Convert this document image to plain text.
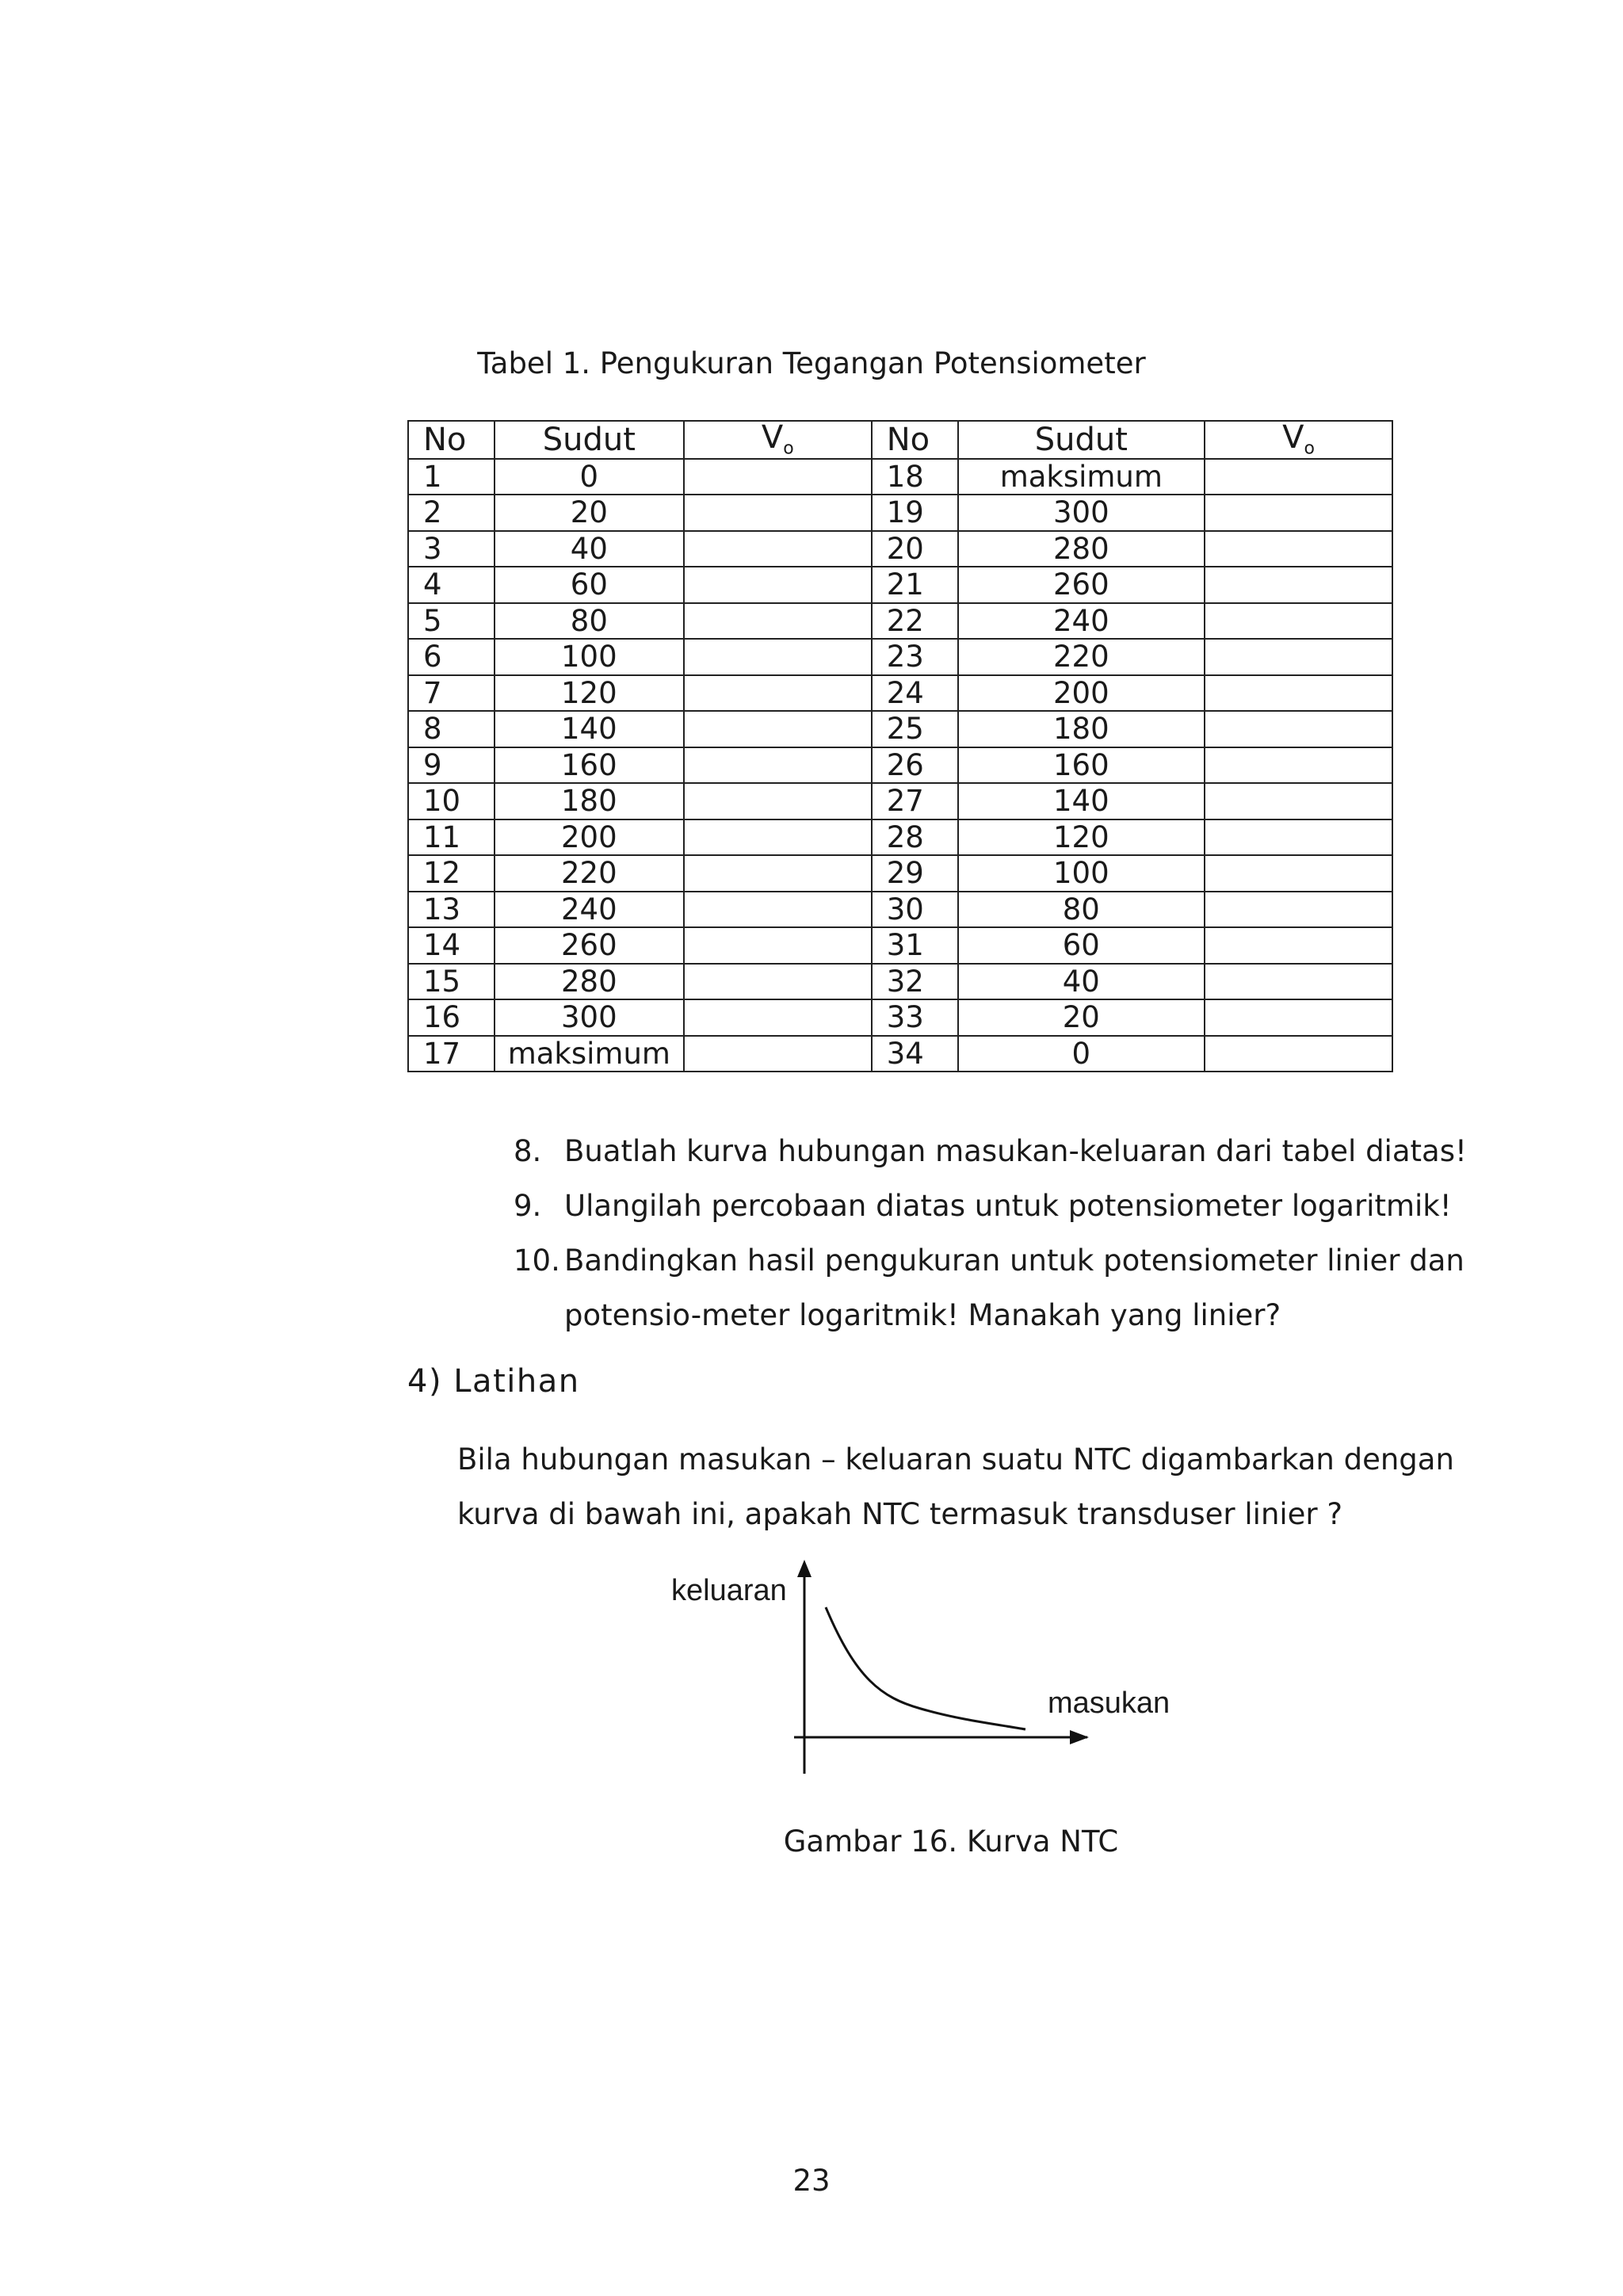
Tabel 1. Pengukuran Tegangan Potensiometer
No	Sudut	$V_o$	No	Sudut	$V_o$
1	0		18	maksimum	
2	20		19	300	
3	40		20	280	
4	60		21	260	
5	80		22	240	
6	100		23	220	
7	120		24	200	
8	140		25	180	
9	160		26	160	
10	180		27	140	
11	200		28	120	
12	220		29	100	
13	240		30	80	
14	260		31	60	
15	280		32	40	
16	300		33	20	
17	maksimum		34	0	
8. Buatlah kurva hubungan masukan-keluaran dari tabel diatas!
9. Ulangilah percobaan diatas untuk potensiometer logaritmik!
10. Bandingkan hasil pengukuran untuk potensiometer linier dan
potensio-meter logaritmik! Manakah yang linier?
4) Latihan
Bila hubungan masukan – keluaran suatu NTC digambarkan dengan
kurva di bawah ini, apakah NTC termasuk transduser linier ?
keluaran
masukan
Gambar 16. Kurva NTC
23
